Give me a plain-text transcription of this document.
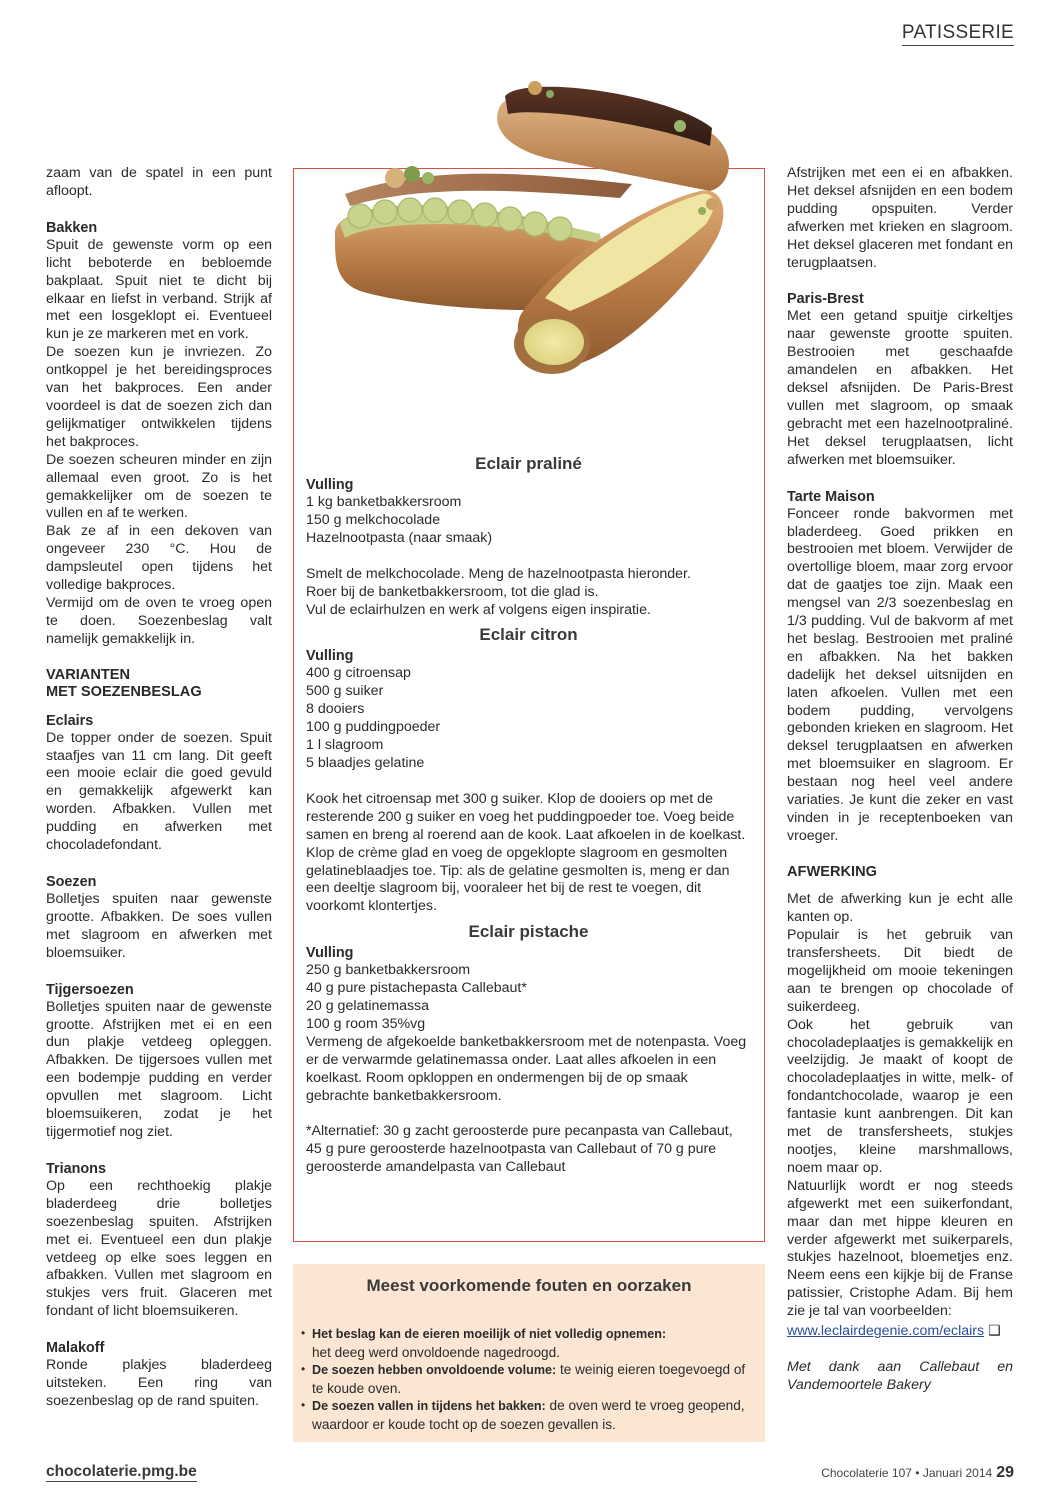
PATISSERIE

zaam van de spatel in een punt afloopt.

Bakken

Spuit de gewenste vorm op een licht beboterde en bebloemde bakplaat. Spuit niet te dicht bij elkaar en liefst in verband. Strijk af met een losgeklopt ei. Eventueel kun je ze markeren met en vork.

De soezen kun je invriezen. Zo ontkoppel je het bereidingsproces van het bakproces. Een ander voordeel is dat de soezen zich dan gelijkmatiger ontwikkelen tijdens het bakproces.

De soezen scheuren minder en zijn allemaal even groot. Zo is het gemakkelijker om de soezen te vullen en af te werken.

Bak ze af in een dekoven van ongeveer 230 °C. Hou de dampsleutel open tijdens het volledige bakproces.

Vermijd om de oven te vroeg open te doen. Soezenbeslag valt namelijk gemakkelijk in.

VARIANTEN
MET SOEZENBESLAG
Eclairs

De topper onder de soezen. Spuit staafjes van 11 cm lang. Dit geeft een mooie eclair die goed gevuld en gemakkelijk afgewerkt kan worden. Afbakken. Vullen met pudding en afwerken met chocoladefondant.

Soezen

Bolletjes spuiten naar gewenste grootte. Afbakken. De soes vullen met slagroom en afwerken met bloemsuiker.

Tijgersoezen

Bolletjes spuiten naar de gewenste grootte. Afstrijken met ei en een dun plakje vetdeeg opleggen. Afbakken. De tijgersoes vullen met een bodempje pudding en verder opvullen met slagroom. Licht bloemsuikeren, zodat je het tijgermotief nog ziet.

Trianons

Op een rechthoekig plakje bladerdeeg drie bolletjes soezenbeslag spuiten. Afstrijken met ei. Eventueel een dun plakje vetdeeg op elke soes leggen en afbakken. Vullen met slagroom en stukjes vers fruit. Glaceren met fondant of licht bloemsuikeren.

Malakoff

Ronde plakjes bladerdeeg uitsteken. Een ring van soezenbeslag op de rand spuiten.

Eclair praliné
Vulling

1 kg banketbakkersroom

150 g melkchocolade

Hazelnootpasta (naar smaak)

Smelt de melkchocolade. Meng de hazelnootpasta hieronder.

Roer bij de banketbakkersroom, tot die glad is.

Vul de eclairhulzen en werk af volgens eigen inspiratie.

Eclair citron
Vulling

400 g citroensap

500 g suiker

8 dooiers

100 g puddingpoeder

1 l slagroom

5 blaadjes gelatine

Kook het citroensap met 300 g suiker. Klop de dooiers op met de resterende 200 g suiker en voeg het puddingpoeder toe. Voeg beide samen en breng al roerend aan de kook. Laat afkoelen in de koelkast. Klop de crème glad en voeg de opgeklopte slagroom en gesmolten gelatineblaadjes toe. Tip: als de gelatine gesmolten is, meng er dan een deeltje slagroom bij, vooraleer het bij de rest te voegen, dit voorkomt klontertjes.

Eclair pistache
Vulling

250 g banketbakkersroom

40 g pure pistachepasta Callebaut*

20 g gelatinemassa

100 g room 35%vg

Vermeng de afgekoelde banketbakkersroom met de notenpasta. Voeg er de verwarmde gelatinemassa onder. Laat alles afkoelen in een koelkast. Room opkloppen en ondermengen bij de op smaak gebrachte banketbakkersroom.

*Alternatief: 30 g zacht geroosterde pure pecanpasta van Callebaut, 45 g pure geroosterde hazelnootpasta van Callebaut of 70 g pure geroosterde amandelpasta van Callebaut

Meest voorkomende fouten en oorzaken
• Het beslag kan de eieren moeilijk of niet volledig opnemen:
het deeg werd onvoldoende nagedroogd.
• De soezen hebben onvoldoende volume: te weinig eieren toegevoegd of te koude oven.
• De soezen vallen in tijdens het bakken: de oven werd te vroeg geopend, waardoor er koude tocht op de soezen gevallen is.

Afstrijken met een ei en afbakken. Het deksel afsnijden en een bodem pudding opspuiten. Verder afwerken met krieken en slagroom. Het deksel glaceren met fondant en terugplaatsen.

Paris-Brest

Met een getand spuitje cirkeltjes naar gewenste grootte spuiten. Bestrooien met geschaafde amandelen en afbakken. Het deksel afsnijden. De Paris-Brest vullen met slagroom, op smaak gebracht met een hazelnootpraliné. Het deksel terugplaatsen, licht afwerken met bloemsuiker.

Tarte Maison

Fonceer ronde bakvormen met bladerdeeg. Goed prikken en bestrooien met bloem. Verwijder de overtollige bloem, maar zorg ervoor dat de gaatjes toe zijn. Maak een mengsel van 2/3 soezenbeslag en 1/3 pudding. Vul de bakvorm af met het beslag. Bestrooien met praliné en afbakken. Na het bakken dadelijk het deksel uitsnijden en laten afkoelen. Vullen met een bodem pudding, vervolgens gebonden krieken en slagroom. Het deksel terugplaatsen en afwerken met bloemsuiker en slagroom. Er bestaan nog heel veel andere variaties. Je kunt die zeker en vast vinden in je receptenboeken van vroeger.

AFWERKING

Met de afwerking kun je echt alle kanten op.

Populair is het gebruik van transfersheets. Dit biedt de mogelijkheid om mooie tekeningen aan te brengen op chocolade of suikerdeeg.

Ook het gebruik van chocoladeplaatjes is gemakkelijk en veelzijdig. Je maakt of koopt de chocoladeplaatjes in witte, melk- of fondantchocolade, waarop je een fantasie kunt aanbrengen. Dit kan met de transfersheets, stukjes nootjes, kleine marshmallows, noem maar op.

Natuurlijk wordt er nog steeds afgewerkt met een suikerfondant, maar dan met hippe kleuren en verder afgewerkt met suikerparels, stukjes hazelnoot, bloemetjes enz. Neem eens een kijkje bij de Franse patissier, Cristophe Adam. Bij hem zie je tal van voorbeelden:

www.leclairdegenie.com/eclairs ❑

Met dank aan Callebaut en Vandemoortele Bakery

chocolaterie.pmg.be	Chocolaterie 107 • Januari 2014 29
